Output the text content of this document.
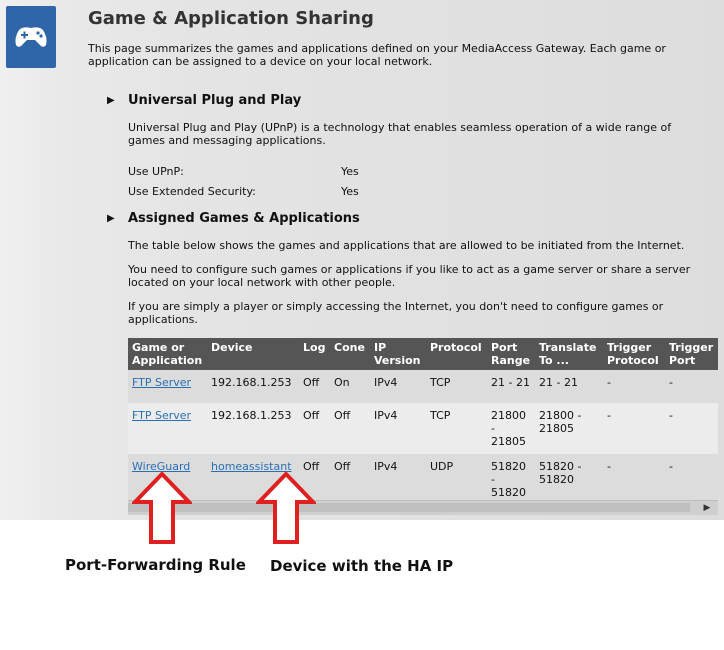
Game & Application Sharing
This page summarizes the games and applications defined on your MediaAccess Gateway. Each game or application can be assigned to a device on your local network.
▶ Universal Plug and Play
Universal Plug and Play (UPnP) is a technology that enables seamless operation of a wide range of games and messaging applications.
Use UPnP:	Yes
Use Extended Security:	Yes
▶ Assigned Games & Applications
The table below shows the games and applications that are allowed to be initiated from the Internet.
You need to configure such games or applications if you like to act as a game server or share a server located on your local network with other people.
If you are simply a player or simply accessing the Internet, you don't need to configure games or applications.
Game or Application	Device	Log	Cone	IP Version	Protocol	Port Range	Translate To ...	Trigger Protocol	Trigger Port
FTP Server	192.168.1.253	Off	On	IPv4	TCP	21 - 21	21 - 21	-	-
FTP Server	192.168.1.253	Off	Off	IPv4	TCP	21800 - 21805	21800 - 21805	-	-
WireGuard	homeassistant	Off	Off	IPv4	UDP	51820 - 51820	51820 - 51820	-	-
▶
Port-Forwarding Rule Device with the HA IP
